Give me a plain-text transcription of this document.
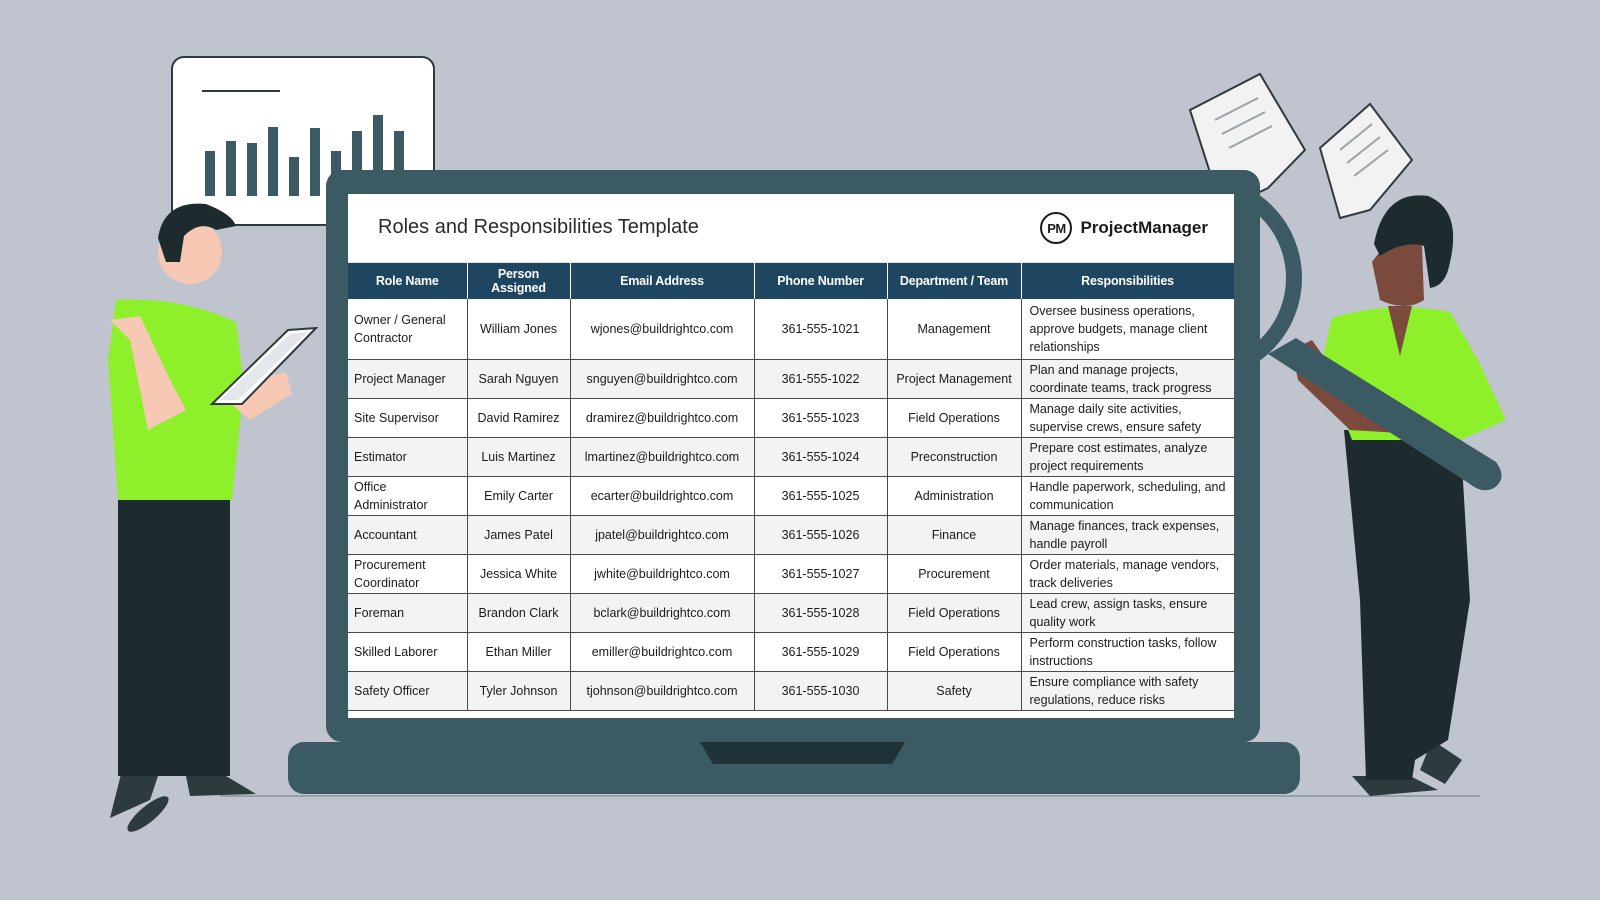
Roles and Responsibilities Template	PM ProjectManager
Role Name	Person Assigned	Email Address	Phone Number	Department / Team	Responsibilities
Owner / General Contractor	William Jones	wjones@buildrightco.com	361-555-1021	Management	Oversee business operations, approve budgets, manage client relationships
Project Manager	Sarah Nguyen	snguyen@buildrightco.com	361-555-1022	Project Management	Plan and manage projects, coordinate teams, track progress
Site Supervisor	David Ramirez	dramirez@buildrightco.com	361-555-1023	Field Operations	Manage daily site activities, supervise crews, ensure safety
Estimator	Luis Martinez	lmartinez@buildrightco.com	361-555-1024	Preconstruction	Prepare cost estimates, analyze project requirements
Office Administrator	Emily Carter	ecarter@buildrightco.com	361-555-1025	Administration	Handle paperwork, scheduling, and communication
Accountant	James Patel	jpatel@buildrightco.com	361-555-1026	Finance	Manage finances, track expenses, handle payroll
Procurement Coordinator	Jessica White	jwhite@buildrightco.com	361-555-1027	Procurement	Order materials, manage vendors, track deliveries
Foreman	Brandon Clark	bclark@buildrightco.com	361-555-1028	Field Operations	Lead crew, assign tasks, ensure quality work
Skilled Laborer	Ethan Miller	emiller@buildrightco.com	361-555-1029	Field Operations	Perform construction tasks, follow instructions
Safety Officer	Tyler Johnson	tjohnson@buildrightco.com	361-555-1030	Safety	Ensure compliance with safety regulations, reduce risks
